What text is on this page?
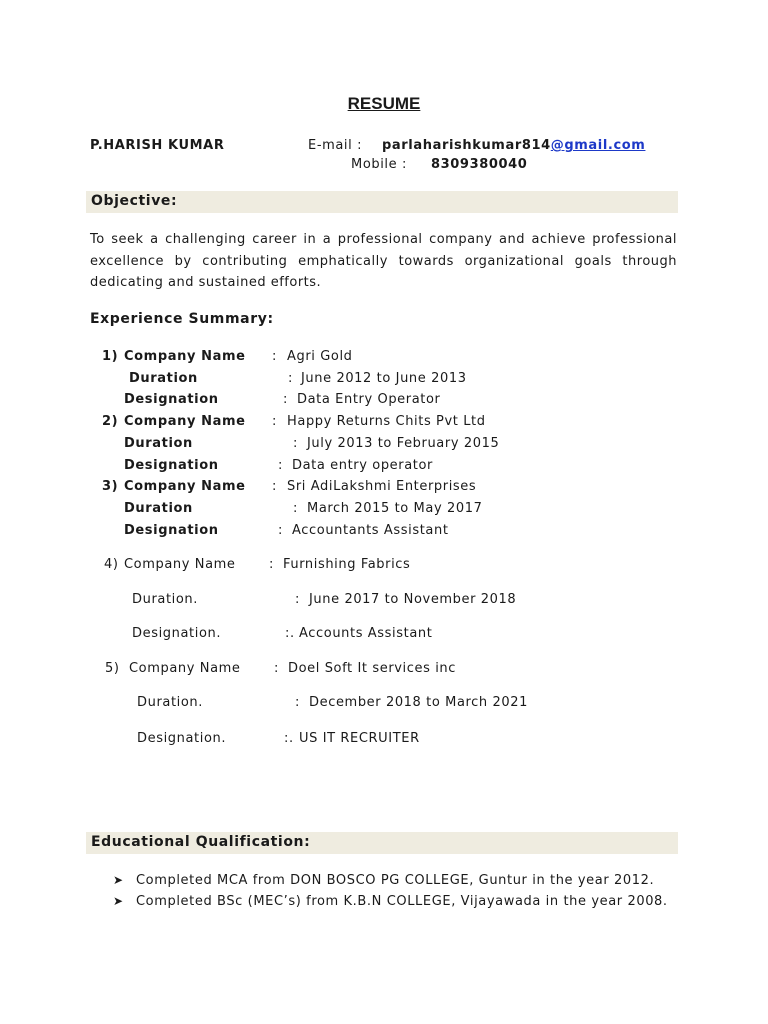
RESUME
P.HARISH KUMAR	E-mail : parlaharishkumar814@gmail.com
Mobile : 8309380040
Objective:
To seek a challenging career in a professional company and achieve professional excellence by contributing emphatically towards organizational goals through dedicating and sustained efforts.
Experience Summary:
1) Company Name : Agri Gold
Duration	: June 2012 to June 2013
Designation	: Data Entry Operator
2) Company Name : Happy Returns Chits Pvt Ltd
Duration	: July 2013 to February 2015
Designation	: Data entry operator
3) Company Name : Sri AdiLakshmi Enterprises
Duration	: March 2015 to May 2017
Designation	: Accountants Assistant
4) Company Name	: Furnishing Fabrics
Duration.	: June 2017 to November 2018
Designation.	:. Accounts Assistant
5) Company Name	: Doel Soft It services inc
Duration.	: December 2018 to March 2021
Designation.	:. US IT RECRUITER
Educational Qualification:
➤ Completed MCA from DON BOSCO PG COLLEGE, Guntur in the year 2012.
➤ Completed BSc (MEC’s) from K.B.N COLLEGE, Vijayawada in the year 2008.
